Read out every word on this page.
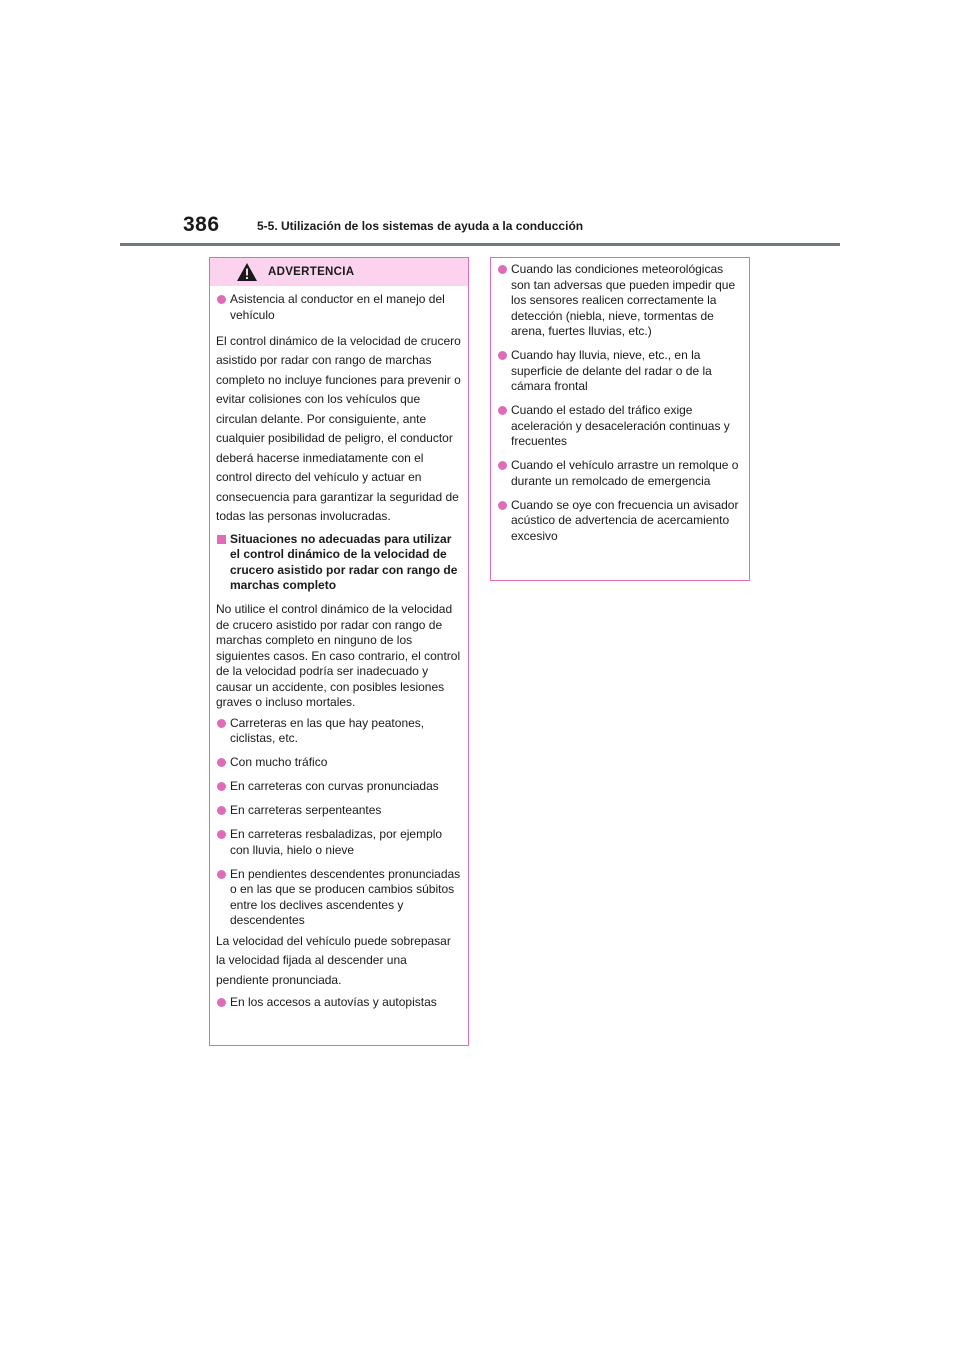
386	5-5. Utilización de los sistemas de ayuda a la conducción
ADVERTENCIA
Asistencia al conductor en el manejo del vehículo
El control dinámico de la velocidad de crucero asistido por radar con rango de marchas completo no incluye funciones para prevenir o evitar colisiones con los vehículos que circulan delante. Por consiguiente, ante cualquier posibilidad de peligro, el conductor deberá hacerse inmediatamente con el control directo del vehículo y actuar en consecuencia para garantizar la seguridad de todas las personas involucradas.
Situaciones no adecuadas para utilizar el control dinámico de la velocidad de crucero asistido por radar con rango de marchas completo
No utilice el control dinámico de la velocidad de crucero asistido por radar con rango de marchas completo en ninguno de los siguientes casos. En caso contrario, el control de la velocidad podría ser inadecuado y causar un accidente, con posibles lesiones graves o incluso mortales.
Carreteras en las que hay peatones, ciclistas, etc.
Con mucho tráfico
En carreteras con curvas pronunciadas
En carreteras serpenteantes
En carreteras resbaladizas, por ejemplo con lluvia, hielo o nieve
En pendientes descendentes pronunciadas o en las que se producen cambios súbitos entre los declives ascendentes y descendentes
La velocidad del vehículo puede sobrepasar la velocidad fijada al descender una pendiente pronunciada.
En los accesos a autovías y autopistas
Cuando las condiciones meteorológicas son tan adversas que pueden impedir que los sensores realicen correctamente la detección (niebla, nieve, tormentas de arena, fuertes lluvias, etc.)
Cuando hay lluvia, nieve, etc., en la superficie de delante del radar o de la cámara frontal
Cuando el estado del tráfico exige aceleración y desaceleración continuas y frecuentes
Cuando el vehículo arrastre un remolque o durante un remolcado de emergencia
Cuando se oye con frecuencia un avisador acústico de advertencia de acercamiento excesivo
